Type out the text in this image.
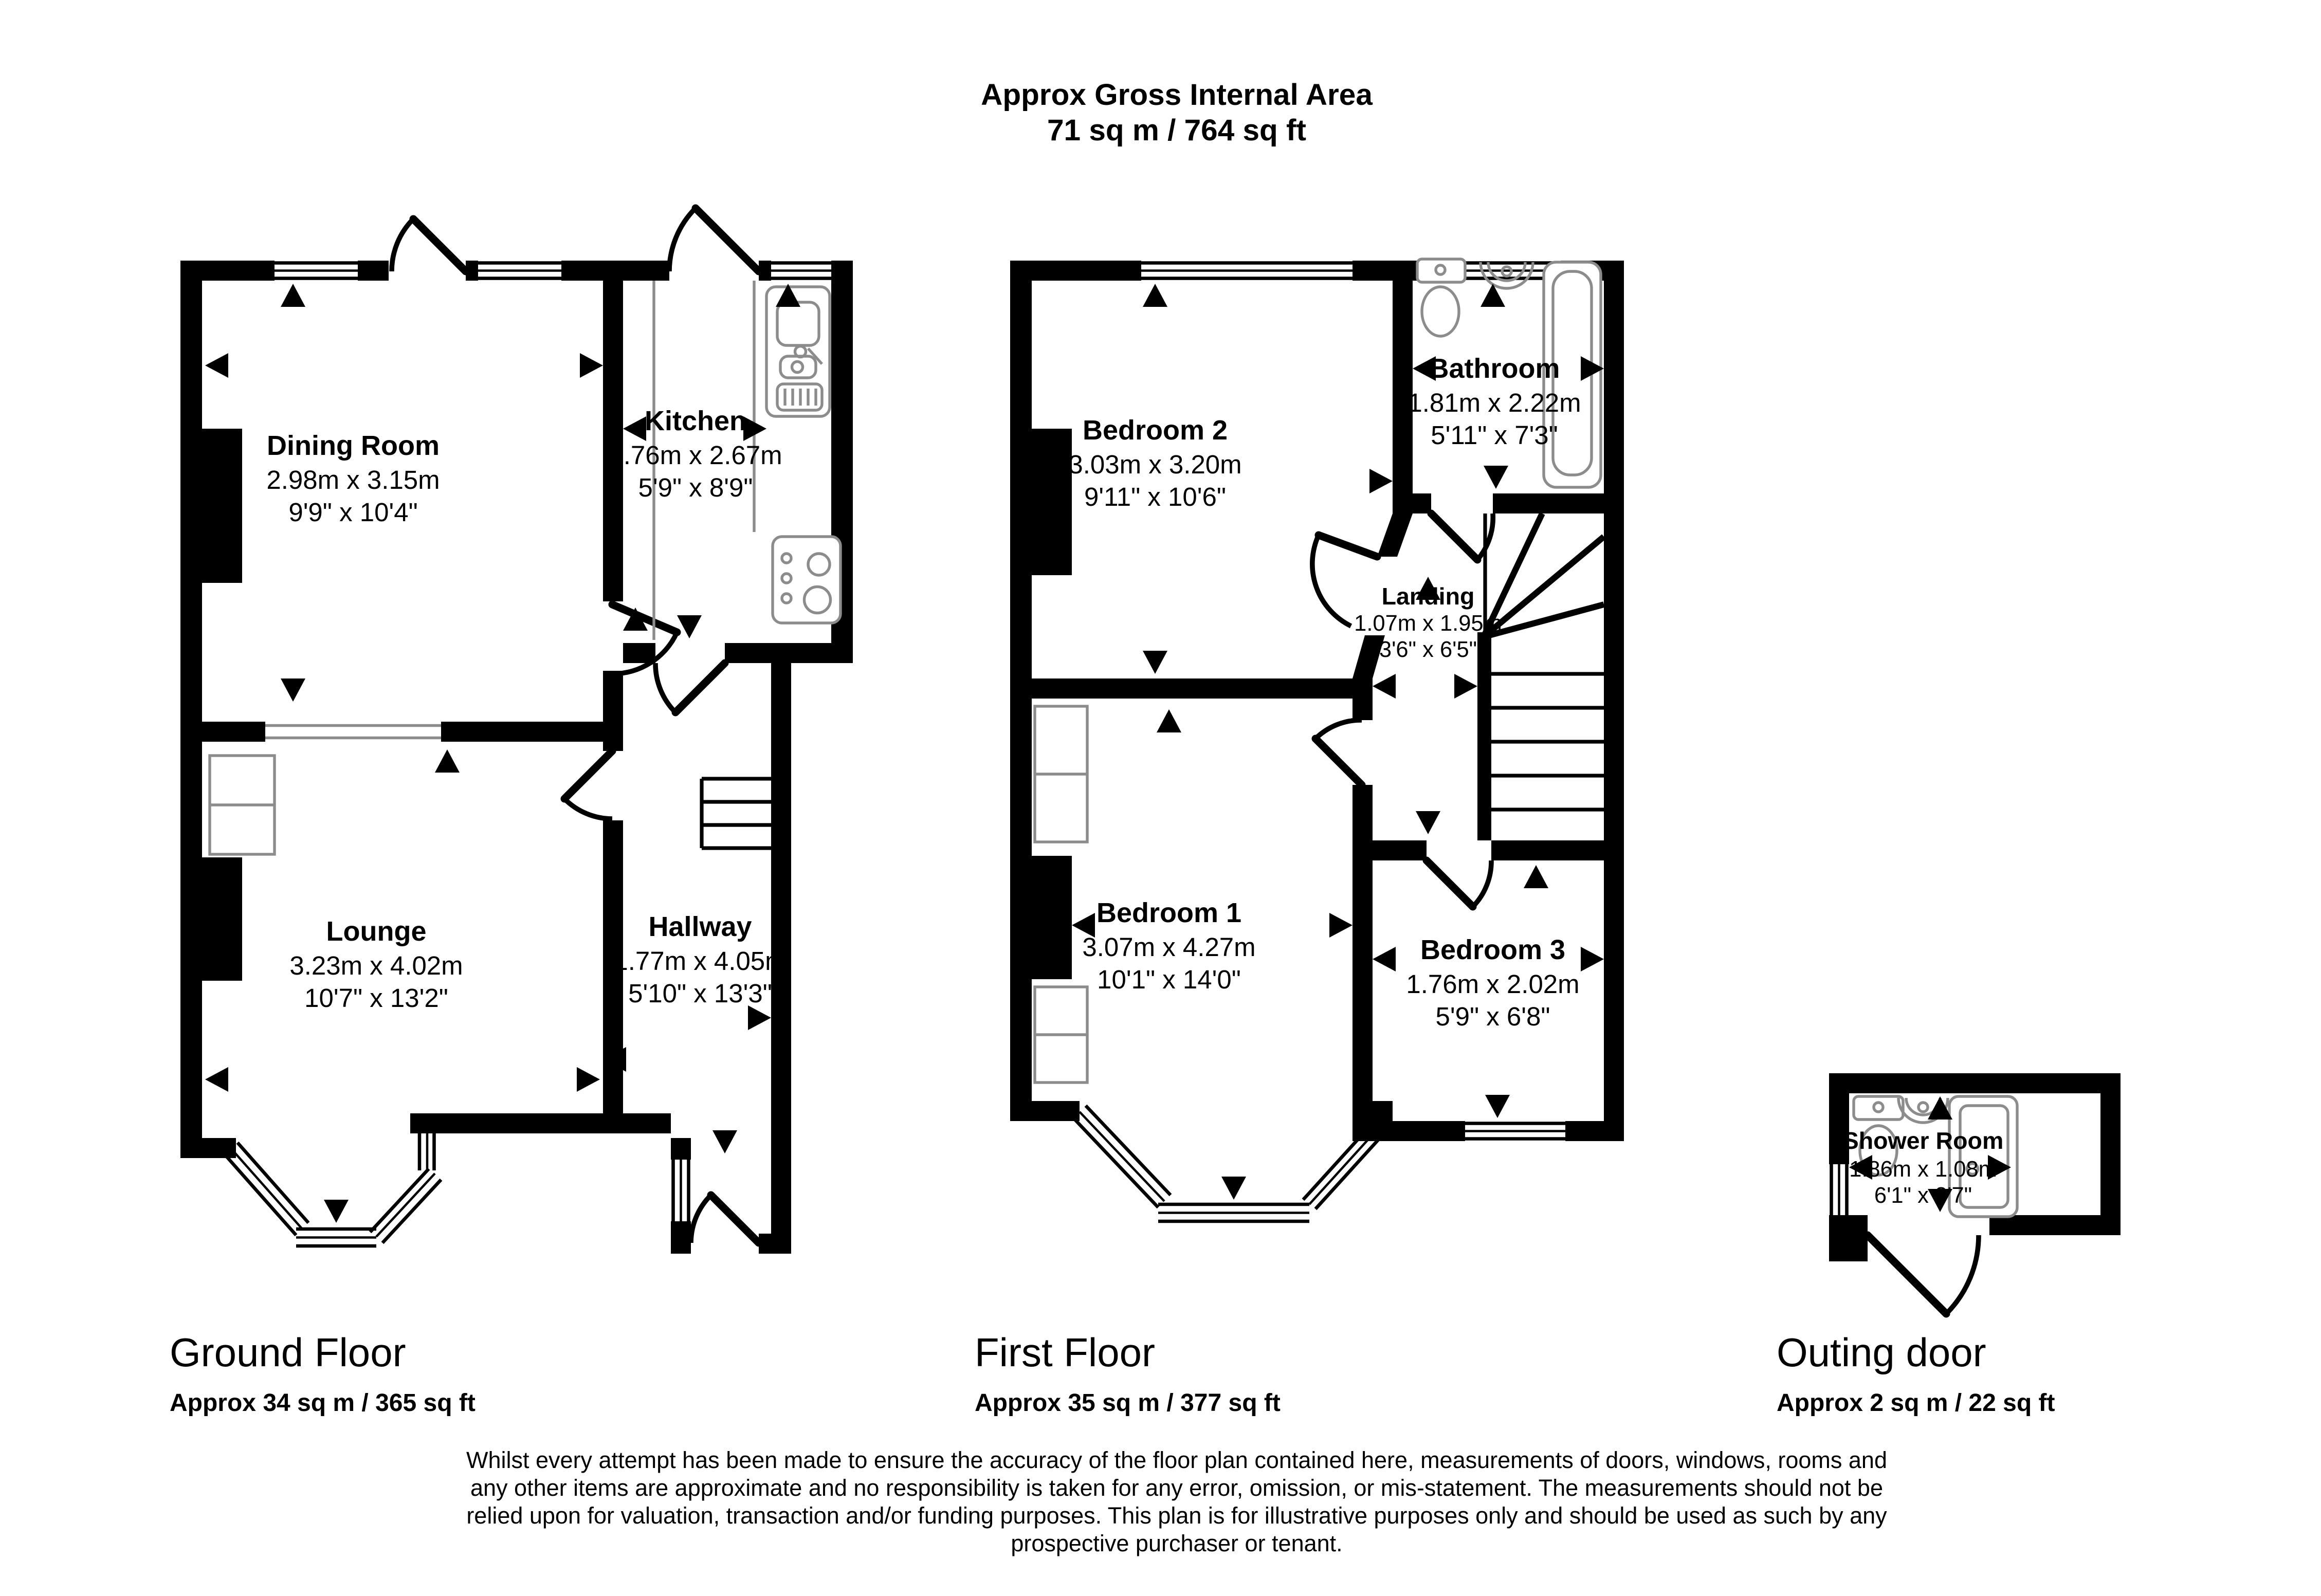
Approx Gross Internal Area
71 sq m / 764 sq ft
Dining Room
2.98m x 3.15m
9'9" x 10'4"
Kitchen
1.76m x 2.67m
5'9" x 8'9"
Lounge
3.23m x 4.02m
10'7" x 13'2"
Hallway
1.77m x 4.05m
5'10" x 13'3"
Bedroom 2
3.03m x 3.20m
9'11" x 10'6"
Bathroom
1.81m x 2.22m
5'11" x 7'3"
Landing
1.07m x 1.95m
3'6" x 6'5"
Bedroom 1
3.07m x 4.27m
10'1" x 14'0"
Bedroom 3
1.76m x 2.02m
5'9" x 6'8"
Shower Room
1.86m x 1.08m
6'1" x 3'7"
Ground Floor
Approx 34 sq m / 365 sq ft
First Floor
Approx 35 sq m / 377 sq ft
Outing door
Approx 2 sq m / 22 sq ft
Whilst every attempt has been made to ensure the accuracy of the floor plan contained here, measurements of doors, windows, rooms and
any other items are approximate and no responsibility is taken for any error, omission, or mis-statement. The measurements should not be
relied upon for valuation, transaction and/or funding purposes. This plan is for illustrative purposes only and should be used as such by any
prospective purchaser or tenant.
